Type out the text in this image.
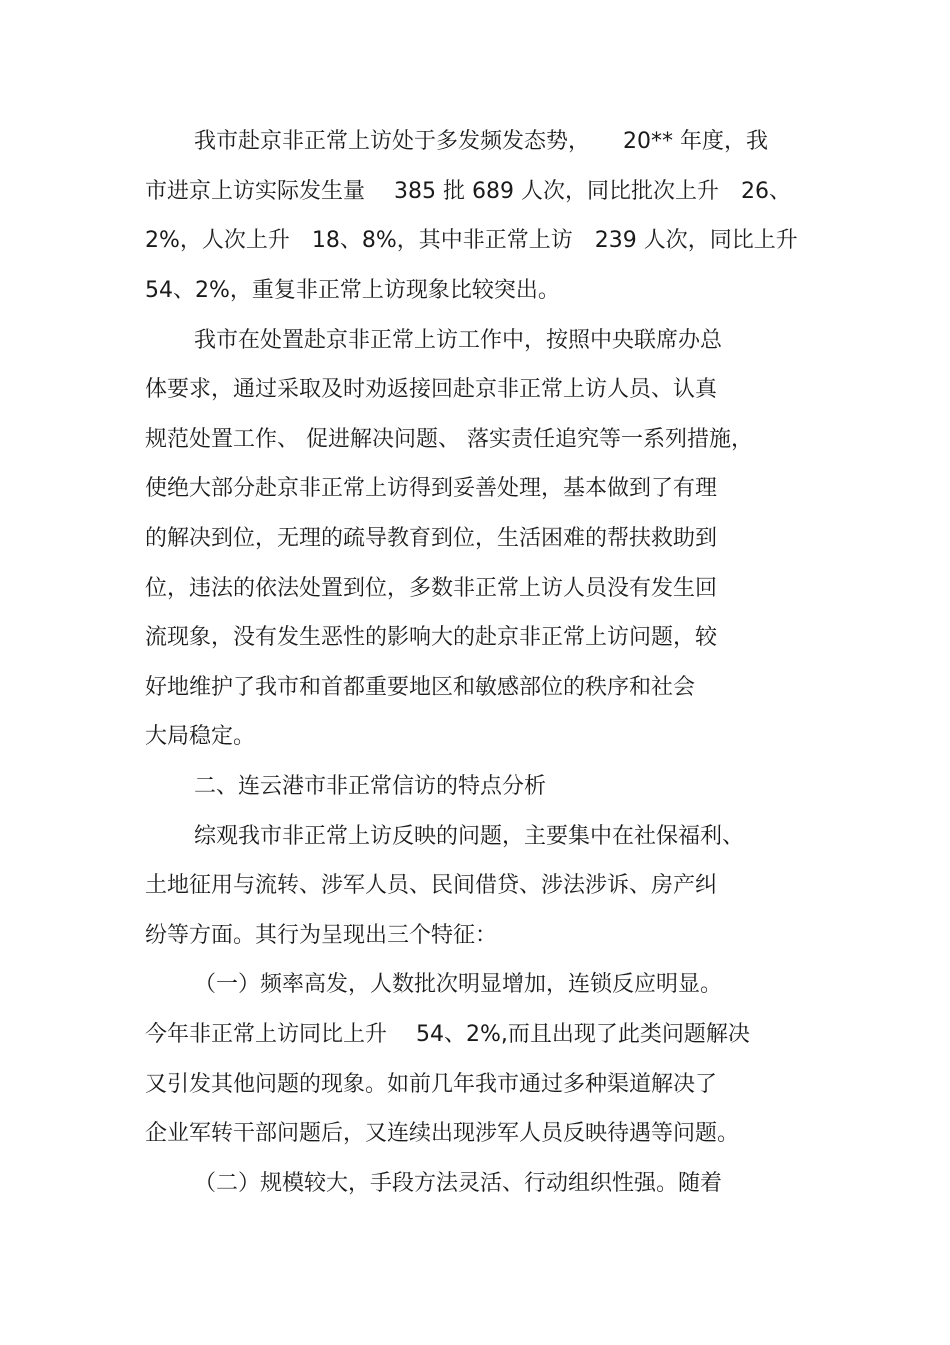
我市赴京非正常上访处于多发频发态势，　　20** 年度，我
市进京上访实际发生量　 385 批 689 人次，同比批次上升　26、
2%，人次上升　18、8%，其中非正常上访　239 人次，同比上升
54、2%，重复非正常上访现象比较突出。
我市在处置赴京非正常上访工作中，按照中央联席办总
体要求，通过采取及时劝返接回赴京非正常上访人员、认真
规范处置工作、 促进解决问题、 落实责任追究等一系列措施，
使绝大部分赴京非正常上访得到妥善处理，基本做到了有理
的解决到位，无理的疏导教育到位，生活困难的帮扶救助到
位，违法的依法处置到位，多数非正常上访人员没有发生回
流现象，没有发生恶性的影响大的赴京非正常上访问题，较
好地维护了我市和首都重要地区和敏感部位的秩序和社会
大局稳定。
二、连云港市非正常信访的特点分析
综观我市非正常上访反映的问题，主要集中在社保福利、
土地征用与流转、涉军人员、民间借贷、涉法涉诉、房产纠
纷等方面。其行为呈现出三个特征：
（一）频率高发，人数批次明显增加，连锁反应明显。
今年非正常上访同比上升　 54、2%,而且出现了此类问题解决
又引发其他问题的现象。如前几年我市通过多种渠道解决了
企业军转干部问题后，又连续出现涉军人员反映待遇等问题。
（二）规模较大，手段方法灵活、行动组织性强。随着
